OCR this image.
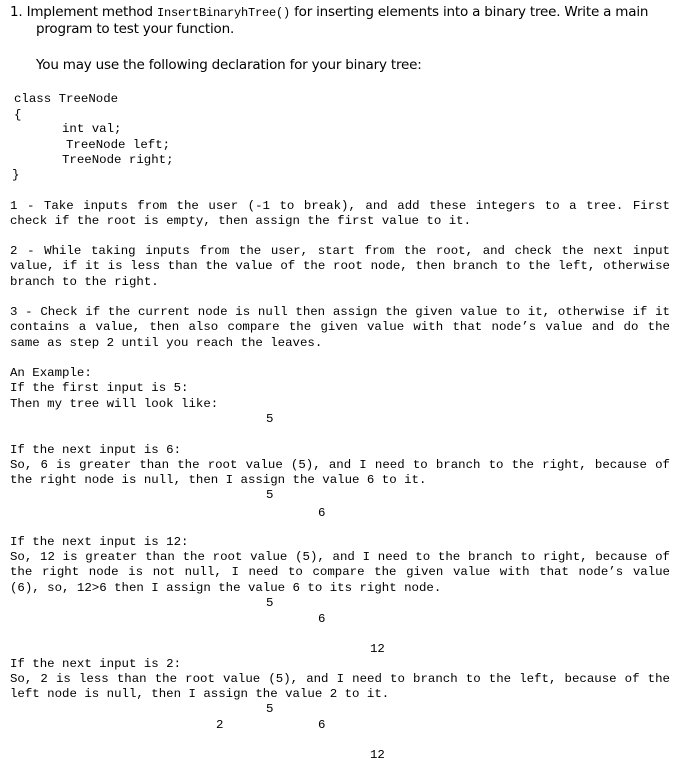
1. Implement method InsertBinaryhTree() for inserting elements into a binary tree. Write a main
program to test your function.
You may use the following declaration for your binary tree:
class TreeNode
{
int val;
TreeNode left;
TreeNode right;
}
1 - Take inputs from the user (-1 to break), and add these integers to a tree. First check if the root is empty, then assign the first value to it.
2 - While taking inputs from the user, start from the root, and check the next input value, if it is less than the value of the root node, then branch to the left, otherwise branch to the right.
3 - Check if the current node is null then assign the given value to it, otherwise if it contains a value, then also compare the given value with that node’s value and do the same as step 2 until you reach the leaves.
An Example:
If the first input is 5:
Then my tree will look like:
5
If the next input is 6:
So, 6 is greater than the root value (5), and I need to branch to the right, because of the right node is null, then I assign the value 6 to it.
5
6
If the next input is 12:
So, 12 is greater than the root value (5), and I need to the branch to right, because of the right node is not null, I need to compare the given value with that node’s value (6), so, 12>6 then I assign the value 6 to its right node.
5
6
12
If the next input is 2:
So, 2 is less than the root value (5), and I need to branch to the left, because of the left node is null, then I assign the value 2 to it.
5
2	6
12
